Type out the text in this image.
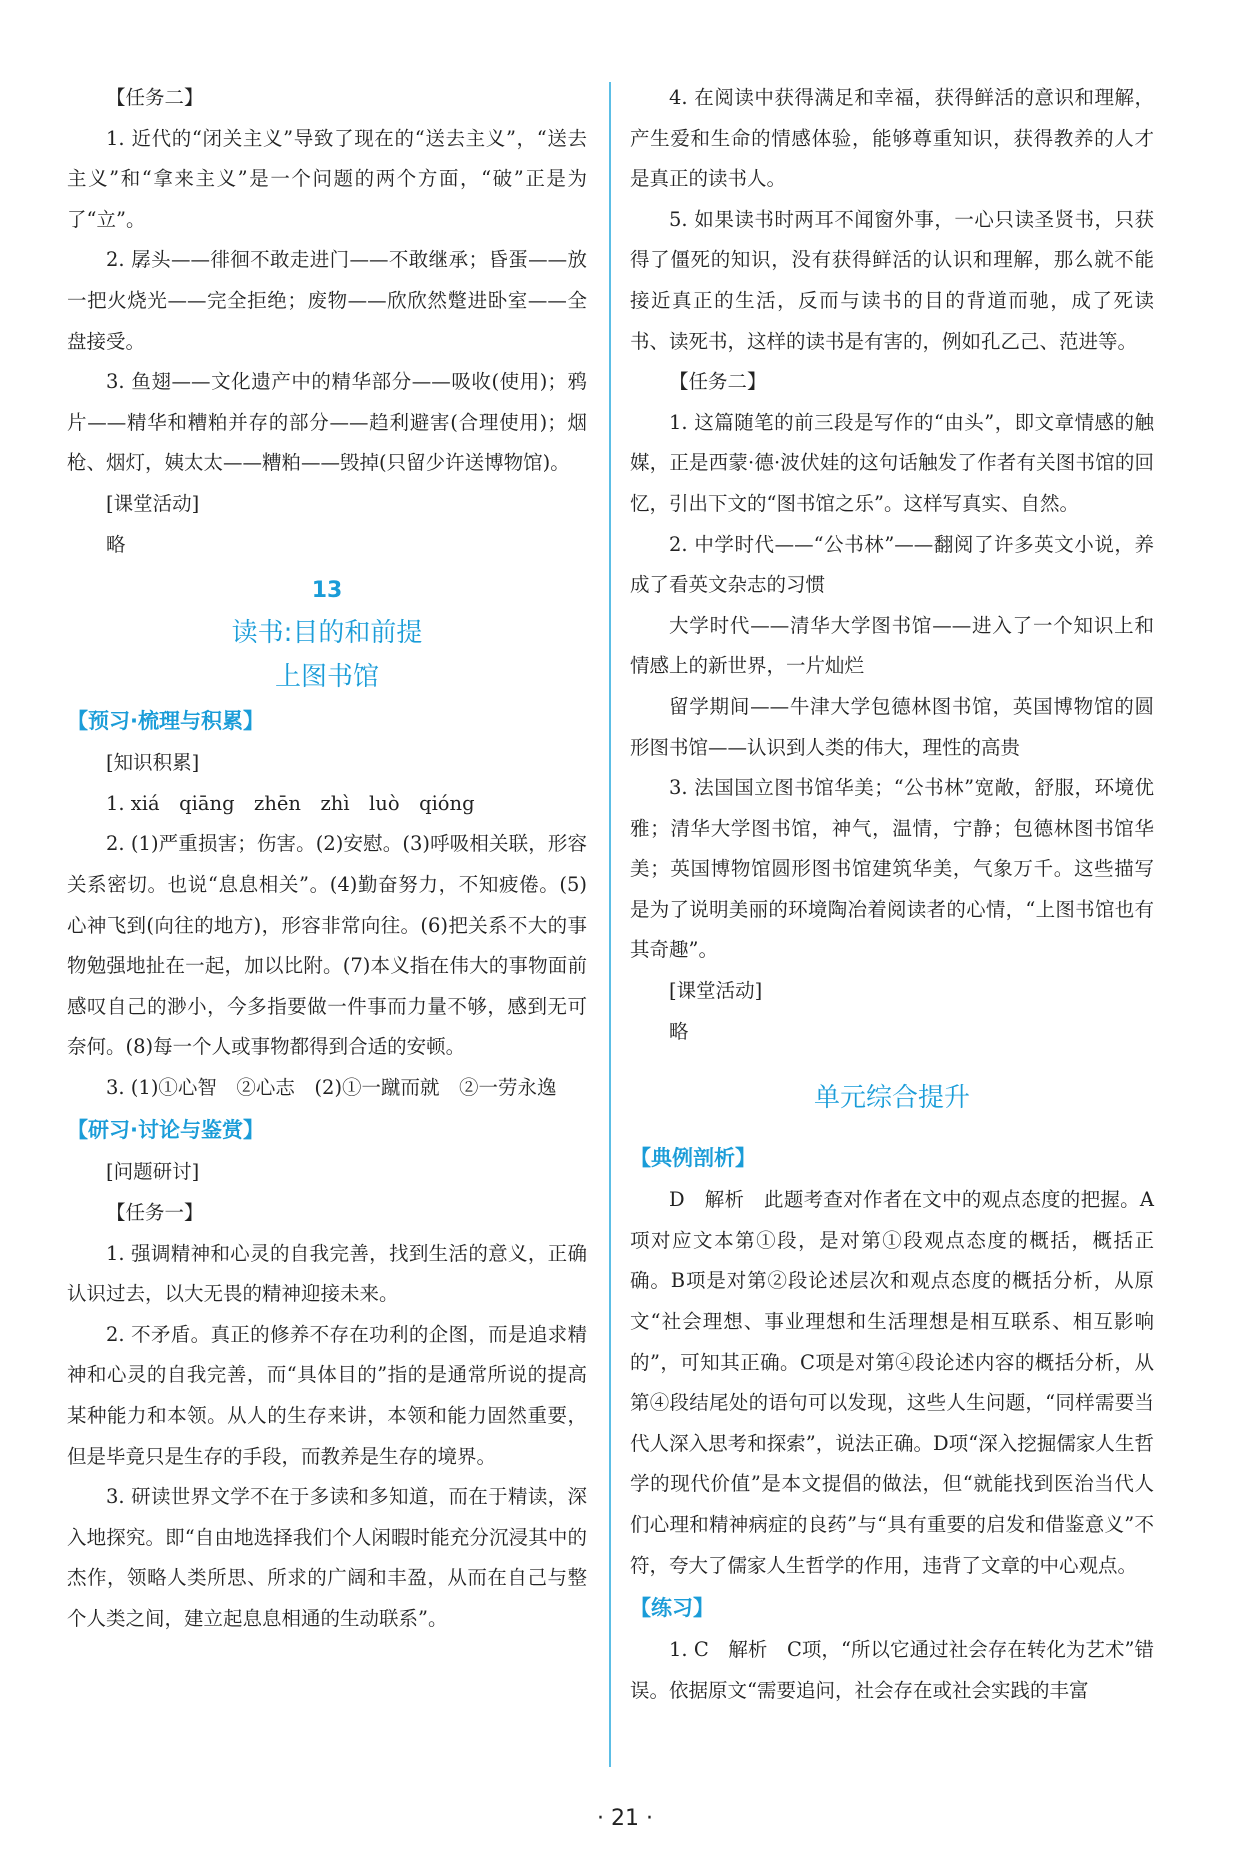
【任务二】

1. 近代的“闭关主义”导致了现在的“送去主义”，“送去主义”和“拿来主义”是一个问题的两个方面，“破”正是为了“立”。

2. 孱头——徘徊不敢走进门——不敢继承；昏蛋——放一把火烧光——完全拒绝；废物——欣欣然蹩进卧室——全盘接受。

3. 鱼翅——文化遗产中的精华部分——吸收(使用)；鸦片——精华和糟粕并存的部分——趋利避害(合理使用)；烟枪、烟灯，姨太太——糟粕——毁掉(只留少许送博物馆)。

[课堂活动]

略

13
读书:目的和前提
上图书馆
【预习·梳理与积累】

[知识积累]

1. xiá　qiāng　zhēn　zhì　luò　qióng

2. (1)严重损害；伤害。(2)安慰。(3)呼吸相关联，形容关系密切。也说“息息相关”。(4)勤奋努力，不知疲倦。(5)心神飞到(向往的地方)，形容非常向往。(6)把关系不大的事物勉强地扯在一起，加以比附。(7)本义指在伟大的事物面前感叹自己的渺小，今多指要做一件事而力量不够，感到无可奈何。(8)每一个人或事物都得到合适的安顿。

3. (1)①心智　②心志　(2)①一蹴而就　②一劳永逸

【研习·讨论与鉴赏】

[问题研讨]

【任务一】

1. 强调精神和心灵的自我完善，找到生活的意义，正确认识过去，以大无畏的精神迎接未来。

2. 不矛盾。真正的修养不存在功利的企图，而是追求精神和心灵的自我完善，而“具体目的”指的是通常所说的提高某种能力和本领。从人的生存来讲，本领和能力固然重要，但是毕竟只是生存的手段，而教养是生存的境界。

3. 研读世界文学不在于多读和多知道，而在于精读，深入地探究。即“自由地选择我们个人闲暇时能充分沉浸其中的杰作，领略人类所思、所求的广阔和丰盈，从而在自己与整个人类之间，建立起息息相通的生动联系”。

4. 在阅读中获得满足和幸福，获得鲜活的意识和理解，产生爱和生命的情感体验，能够尊重知识，获得教养的人才是真正的读书人。

5. 如果读书时两耳不闻窗外事，一心只读圣贤书，只获得了僵死的知识，没有获得鲜活的认识和理解，那么就不能接近真正的生活，反而与读书的目的背道而驰，成了死读书、读死书，这样的读书是有害的，例如孔乙己、范进等。

【任务二】

1. 这篇随笔的前三段是写作的“由头”，即文章情感的触媒，正是西蒙·德·波伏娃的这句话触发了作者有关图书馆的回忆，引出下文的“图书馆之乐”。这样写真实、自然。

2. 中学时代——“公书林”——翻阅了许多英文小说，养成了看英文杂志的习惯

大学时代——清华大学图书馆——进入了一个知识上和情感上的新世界，一片灿烂

留学期间——牛津大学包德林图书馆，英国博物馆的圆形图书馆——认识到人类的伟大，理性的高贵

3. 法国国立图书馆华美；“公书林”宽敞，舒服，环境优雅；清华大学图书馆，神气，温情，宁静；包德林图书馆华美；英国博物馆圆形图书馆建筑华美，气象万千。这些描写是为了说明美丽的环境陶冶着阅读者的心情，“上图书馆也有其奇趣”。

[课堂活动]

略

单元综合提升
【典例剖析】

D　解析　此题考查对作者在文中的观点态度的把握。A项对应文本第①段，是对第①段观点态度的概括，概括正确。B项是对第②段论述层次和观点态度的概括分析，从原文“社会理想、事业理想和生活理想是相互联系、相互影响的”，可知其正确。C项是对第④段论述内容的概括分析，从第④段结尾处的语句可以发现，这些人生问题，“同样需要当代人深入思考和探索”，说法正确。D项“深入挖掘儒家人生哲学的现代价值”是本文提倡的做法，但“就能找到医治当代人们心理和精神病症的良药”与“具有重要的启发和借鉴意义”不符，夸大了儒家人生哲学的作用，违背了文章的中心观点。

【练习】

1. C　解析　C项，“所以它通过社会存在转化为艺术”错误。依据原文“需要追问，社会存在或社会实践的丰富

· 21 ·
